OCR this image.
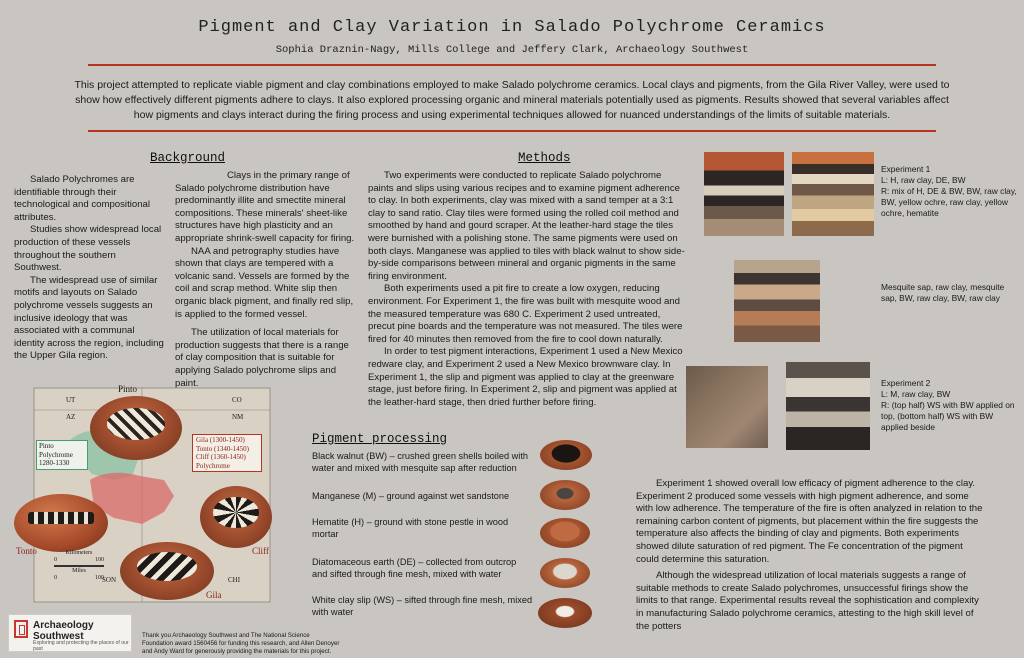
Pigment and Clay Variation in Salado Polychrome Ceramics
Sophia Draznin-Nagy, Mills College and Jeffery Clark, Archaeology Southwest
This project attempted to replicate viable pigment and clay combinations employed to make Salado polychrome ceramics. Local clays and pigments, from the Gila River Valley, were used to show how effectively different pigments adhere to clays. It also explored processing organic and mineral materials potentially used as pigments. Results showed that several variables affect how pigments and clays interact during the firing process and using experimental techniques allowed for nuanced understandings of the limits of suitable materials.
Background

Salado Polychromes are identifiable through their technological and compositional attributes.

Studies show widespread local production of these vessels throughout the southern Southwest.

The widespread use of similar motifs and layouts on Salado polychrome vessels suggests an inclusive ideology that was associated with a communal identity across the region, including the Upper Gila region.

Clays in the primary range of Salado polychrome distribution have predominantly illite and smectite mineral compositions. These minerals' sheet-like structures have high plasticity and an appropriate shrink-swell capacity for firing.

NAA and petrography studies have shown that clays are tempered with a volcanic sand. Vessels are formed by the coil and scrap method. White slip then organic black pigment, and finally red slip, is applied to the formed vessel.

The utilization of local materials for production suggests that there is a range of clay composition that is suitable for applying Salado polychrome slips and paint.

UT	CO
AZ	NM
SON	CHI
Pinto
Pinto
Polychrome
1280-1330
Gila (1300-1450)
Tonto (1340-1450)
Cliff (1360-1450)
Polychrome
Tonto	Cliff
Gila
Kilometers
0	100
Miles
0	100
Archaeology Southwest
Exploring and protecting the places of our past
Thank you Archaeology Southwest and The National Science Foundation award 1560456 for funding this research, and Allen Denoyer and Andy Ward for generously providing the materials for this project.
Methods

Two experiments were conducted to replicate Salado polychrome paints and slips using various recipes and to examine pigment adherence to clay. In both experiments, clay was mixed with a sand temper at a 3:1 clay to sand ratio. Clay tiles were formed using the rolled coil method and smoothed by hand and gourd scraper. At the leather-hard stage the tiles were burnished with a polishing stone. The same pigments were used on both clays. Manganese was applied to tiles with black walnut to show side-by-side comparisons between mineral and organic pigments in the same firing environment.

Both experiments used a pit fire to create a low oxygen, reducing environment. For Experiment 1, the fire was built with mesquite wood and the measured temperature was 680 C. Experiment 2 used untreated, precut pine boards and the temperature was not measured. The tiles were fired for 40 minutes then removed from the fire to cool down naturally.

In order to test pigment interactions, Experiment 1 used a New Mexico redware clay, and Experiment 2 used a New Mexico brownware clay. In Experiment 1, the slip and pigment was applied to clay at the greenware stage, just before firing. In Experiment 2, slip and pigment was applied at the leather-hard stage, then dried further before firing.

Pigment processing
Black walnut (BW) – crushed green shells boiled with water and mixed with mesquite sap after reduction
Manganese (M) – ground against wet sandstone
Hematite (H) – ground with stone pestle in wood mortar
Diatomaceous earth (DE) – collected from outcrop and sifted through fine mesh, mixed with water
White clay slip (WS) – sifted through fine mesh, mixed with water
Experiment 1
L: H, raw clay, DE, BW
R: mix of H, DE & BW, BW, raw clay, BW, yellow ochre, raw clay, yellow ochre, hematite
Mesquite sap, raw clay, mesquite sap, BW, raw clay, BW, raw clay
Experiment 2
L: M, raw clay, BW
R: (top half) WS with BW applied on top, (bottom half) WS with BW applied beside

Experiment 1 showed overall low efficacy of pigment adherence to the clay. Experiment 2 produced some vessels with high pigment adherence, and some with low adherence. The temperature of the fire is often analyzed in relation to the remaining carbon content of pigments, but placement within the fire suggests the temperature also affects the binding of clay and pigments. Both experiments showed dilute saturation of red pigment. The Fe concentration of the pigment could determine this saturation.

Although the widespread utilization of local materials suggests a range of suitable methods to create Salado polychromes, unsuccessful firings show the limits to that range. Experimental results reveal the sophistication and complexity in manufacturing Salado polychrome ceramics, attesting to the high skill level of the potters
